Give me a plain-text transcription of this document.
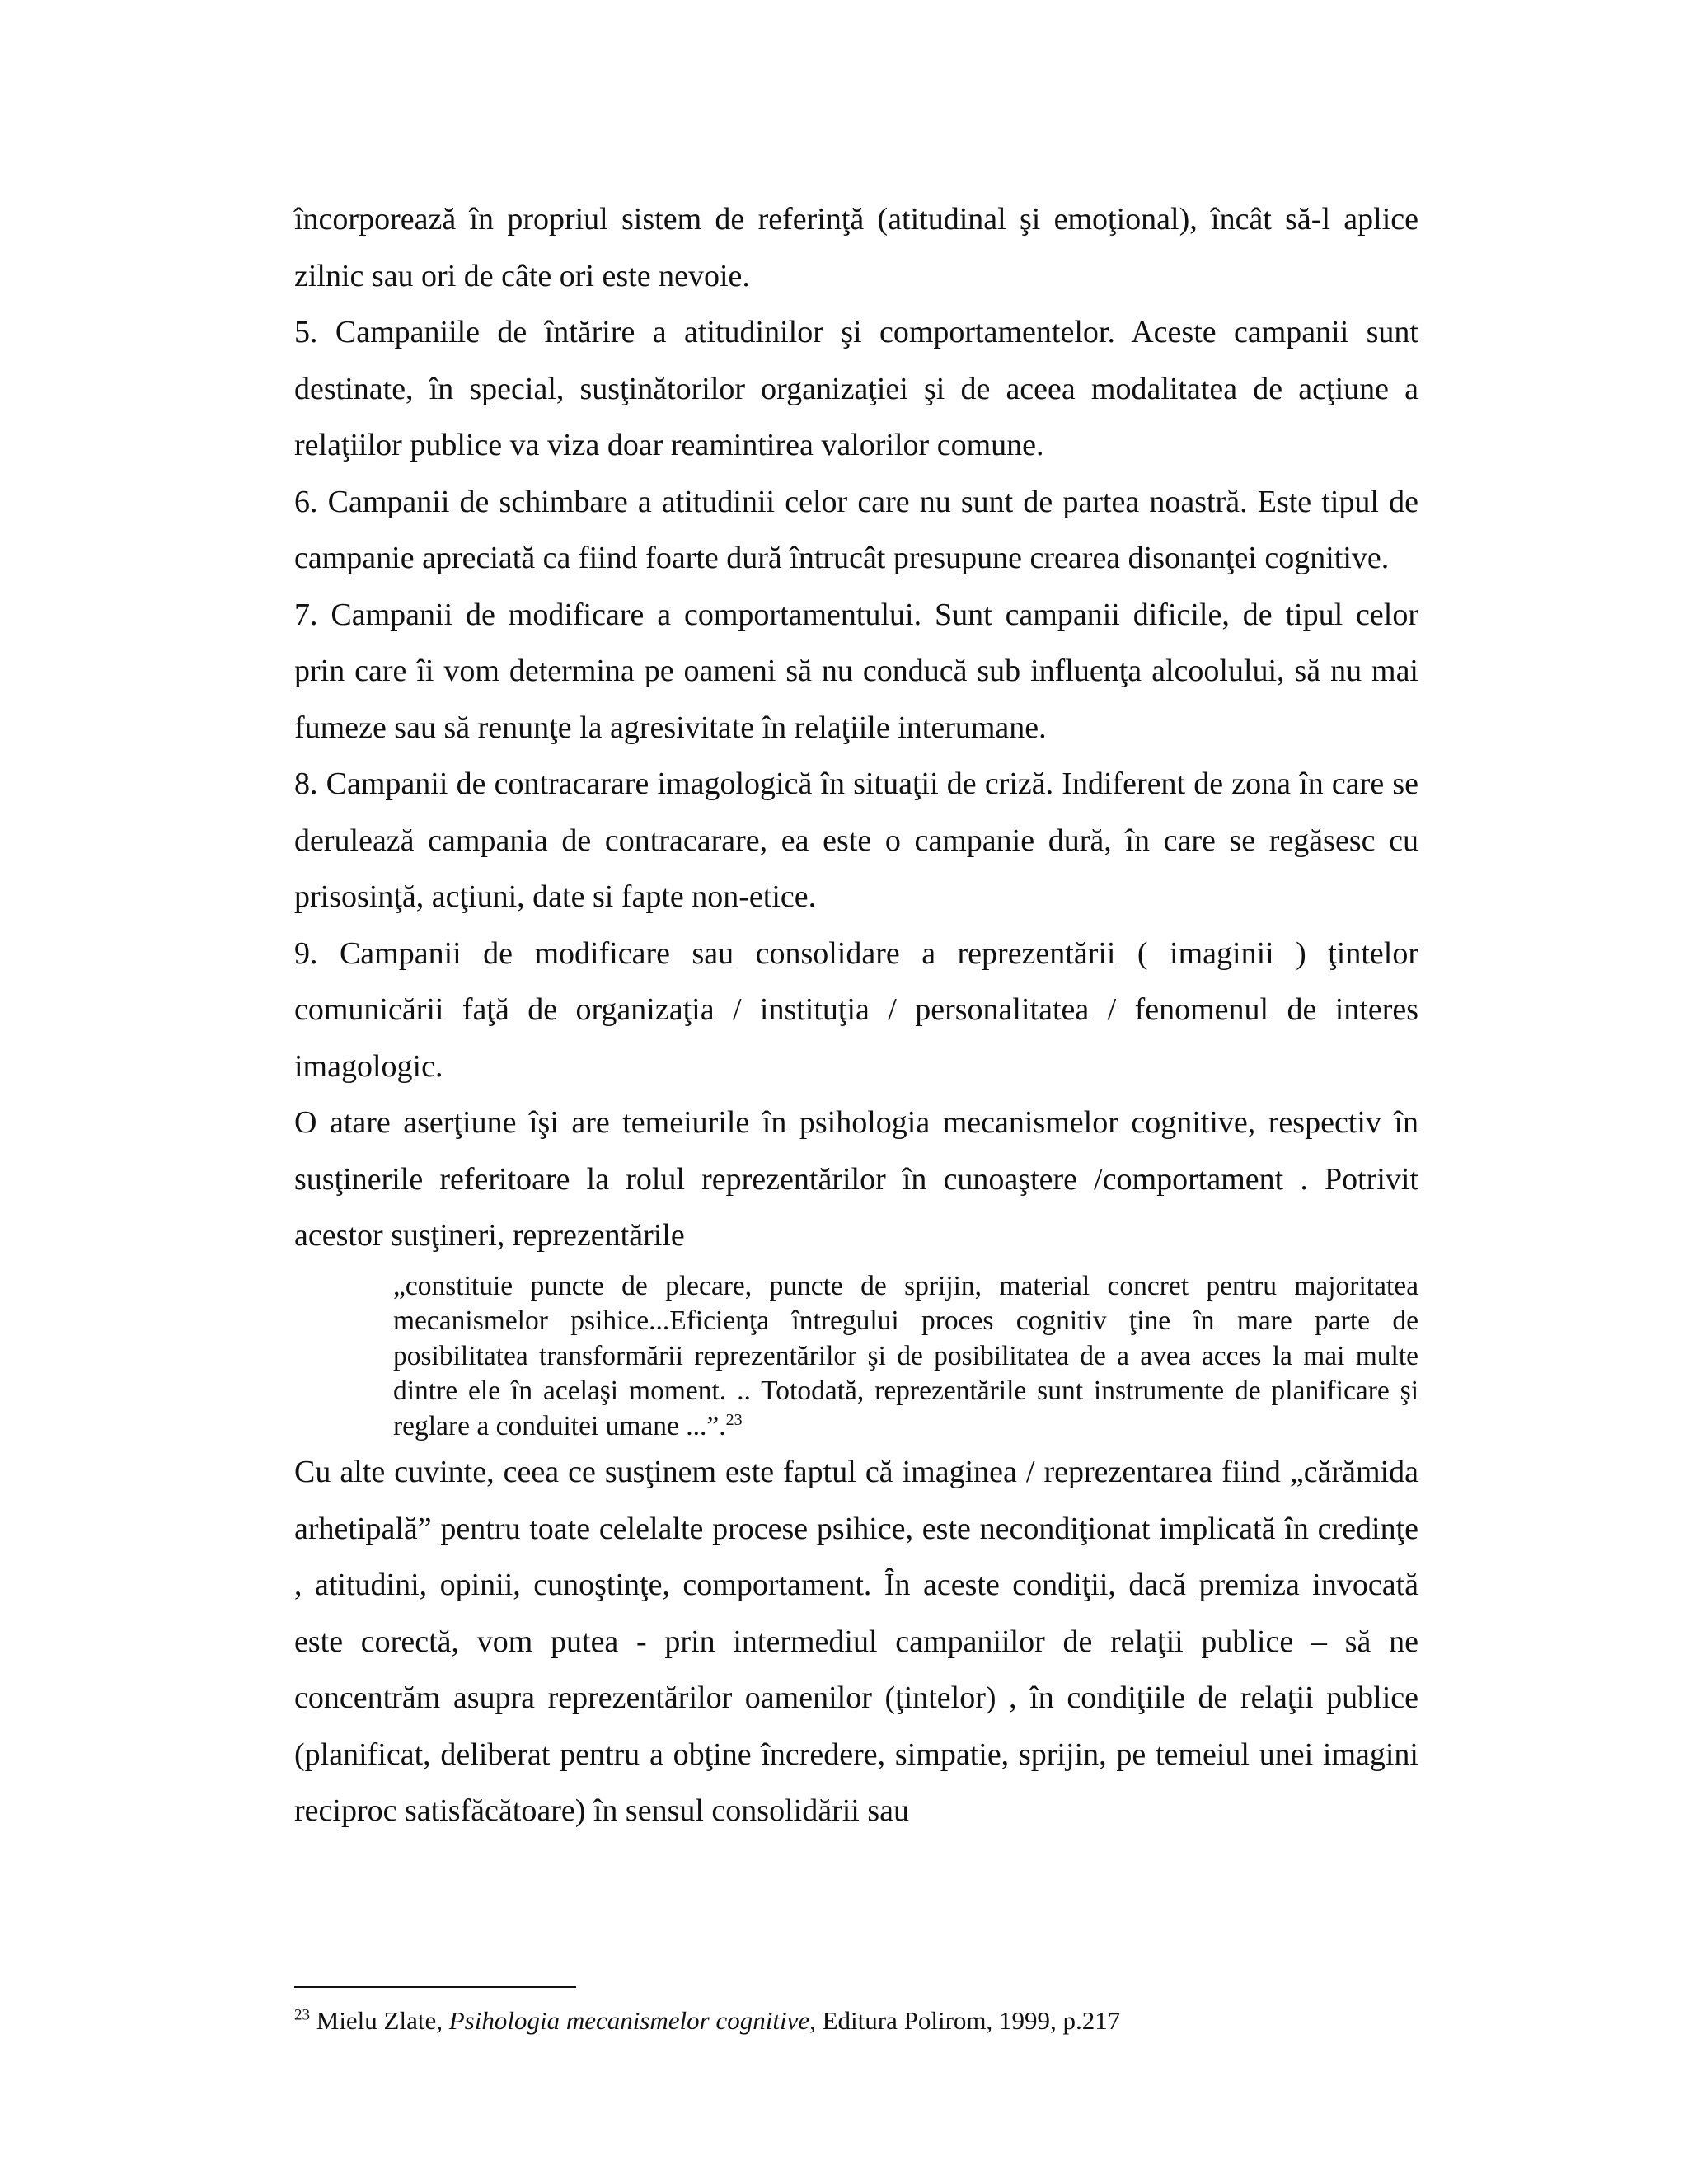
încorporează în propriul sistem de referinţă (atitudinal şi emoţional), încât să-l aplice zilnic sau ori de câte ori este nevoie.

5. Campaniile de întărire a atitudinilor şi comportamentelor. Aceste campanii sunt destinate, în special, susţinătorilor organizaţiei şi de aceea modalitatea de acţiune a relaţiilor publice va viza doar reamintirea valorilor comune.

6. Campanii de schimbare a atitudinii celor care nu sunt de partea noastră. Este tipul de campanie apreciată ca fiind foarte dură întrucât presupune crearea disonanţei cognitive.

7. Campanii de modificare a comportamentului. Sunt campanii dificile, de tipul celor prin care îi vom determina pe oameni să nu conducă sub influenţa alcoolului, să nu mai fumeze sau să renunţe la agresivitate în relaţiile interumane.

8. Campanii de contracarare imagologică în situaţii de criză. Indiferent de zona în care se derulează campania de contracarare, ea este o campanie dură, în care se regăsesc cu prisosinţă, acţiuni, date si fapte non-etice.

9. Campanii de modificare sau consolidare a reprezentării ( imaginii ) ţintelor comunicării faţă de organizaţia / instituţia / personalitatea / fenomenul de interes imagologic.

O atare aserţiune îşi are temeiurile în psihologia mecanismelor cognitive, respectiv în susţinerile referitoare la rolul reprezentărilor în cunoaştere /comportament . Potrivit acestor susţineri, reprezentările

„constituie puncte de plecare, puncte de sprijin, material concret pentru majoritatea mecanismelor psihice...Eficienţa întregului proces cognitiv ţine în mare parte de posibilitatea transformării reprezentărilor şi de posibilitatea de a avea acces la mai multe dintre ele în acelaşi moment. .. Totodată, reprezentările sunt instrumente de planificare şi reglare a conduitei umane ...”.$^{23}$

Cu alte cuvinte, ceea ce susţinem este faptul că imaginea / reprezentarea fiind „cărămida arhetipală” pentru toate celelalte procese psihice, este necondiţionat implicată în credinţe , atitudini, opinii, cunoştinţe, comportament. În aceste condiţii, dacă premiza invocată este corectă, vom putea - prin intermediul campaniilor de relaţii publice – să ne concentrăm asupra reprezentărilor oamenilor (ţintelor) , în condiţiile de relaţii publice (planificat, deliberat pentru a obţine încredere, simpatie, sprijin, pe temeiul unei imagini reciproc satisfăcătoare) în sensul consolidării sau

$^{23}$ Mielu Zlate, Psihologia mecanismelor cognitive, Editura Polirom, 1999, p.217
